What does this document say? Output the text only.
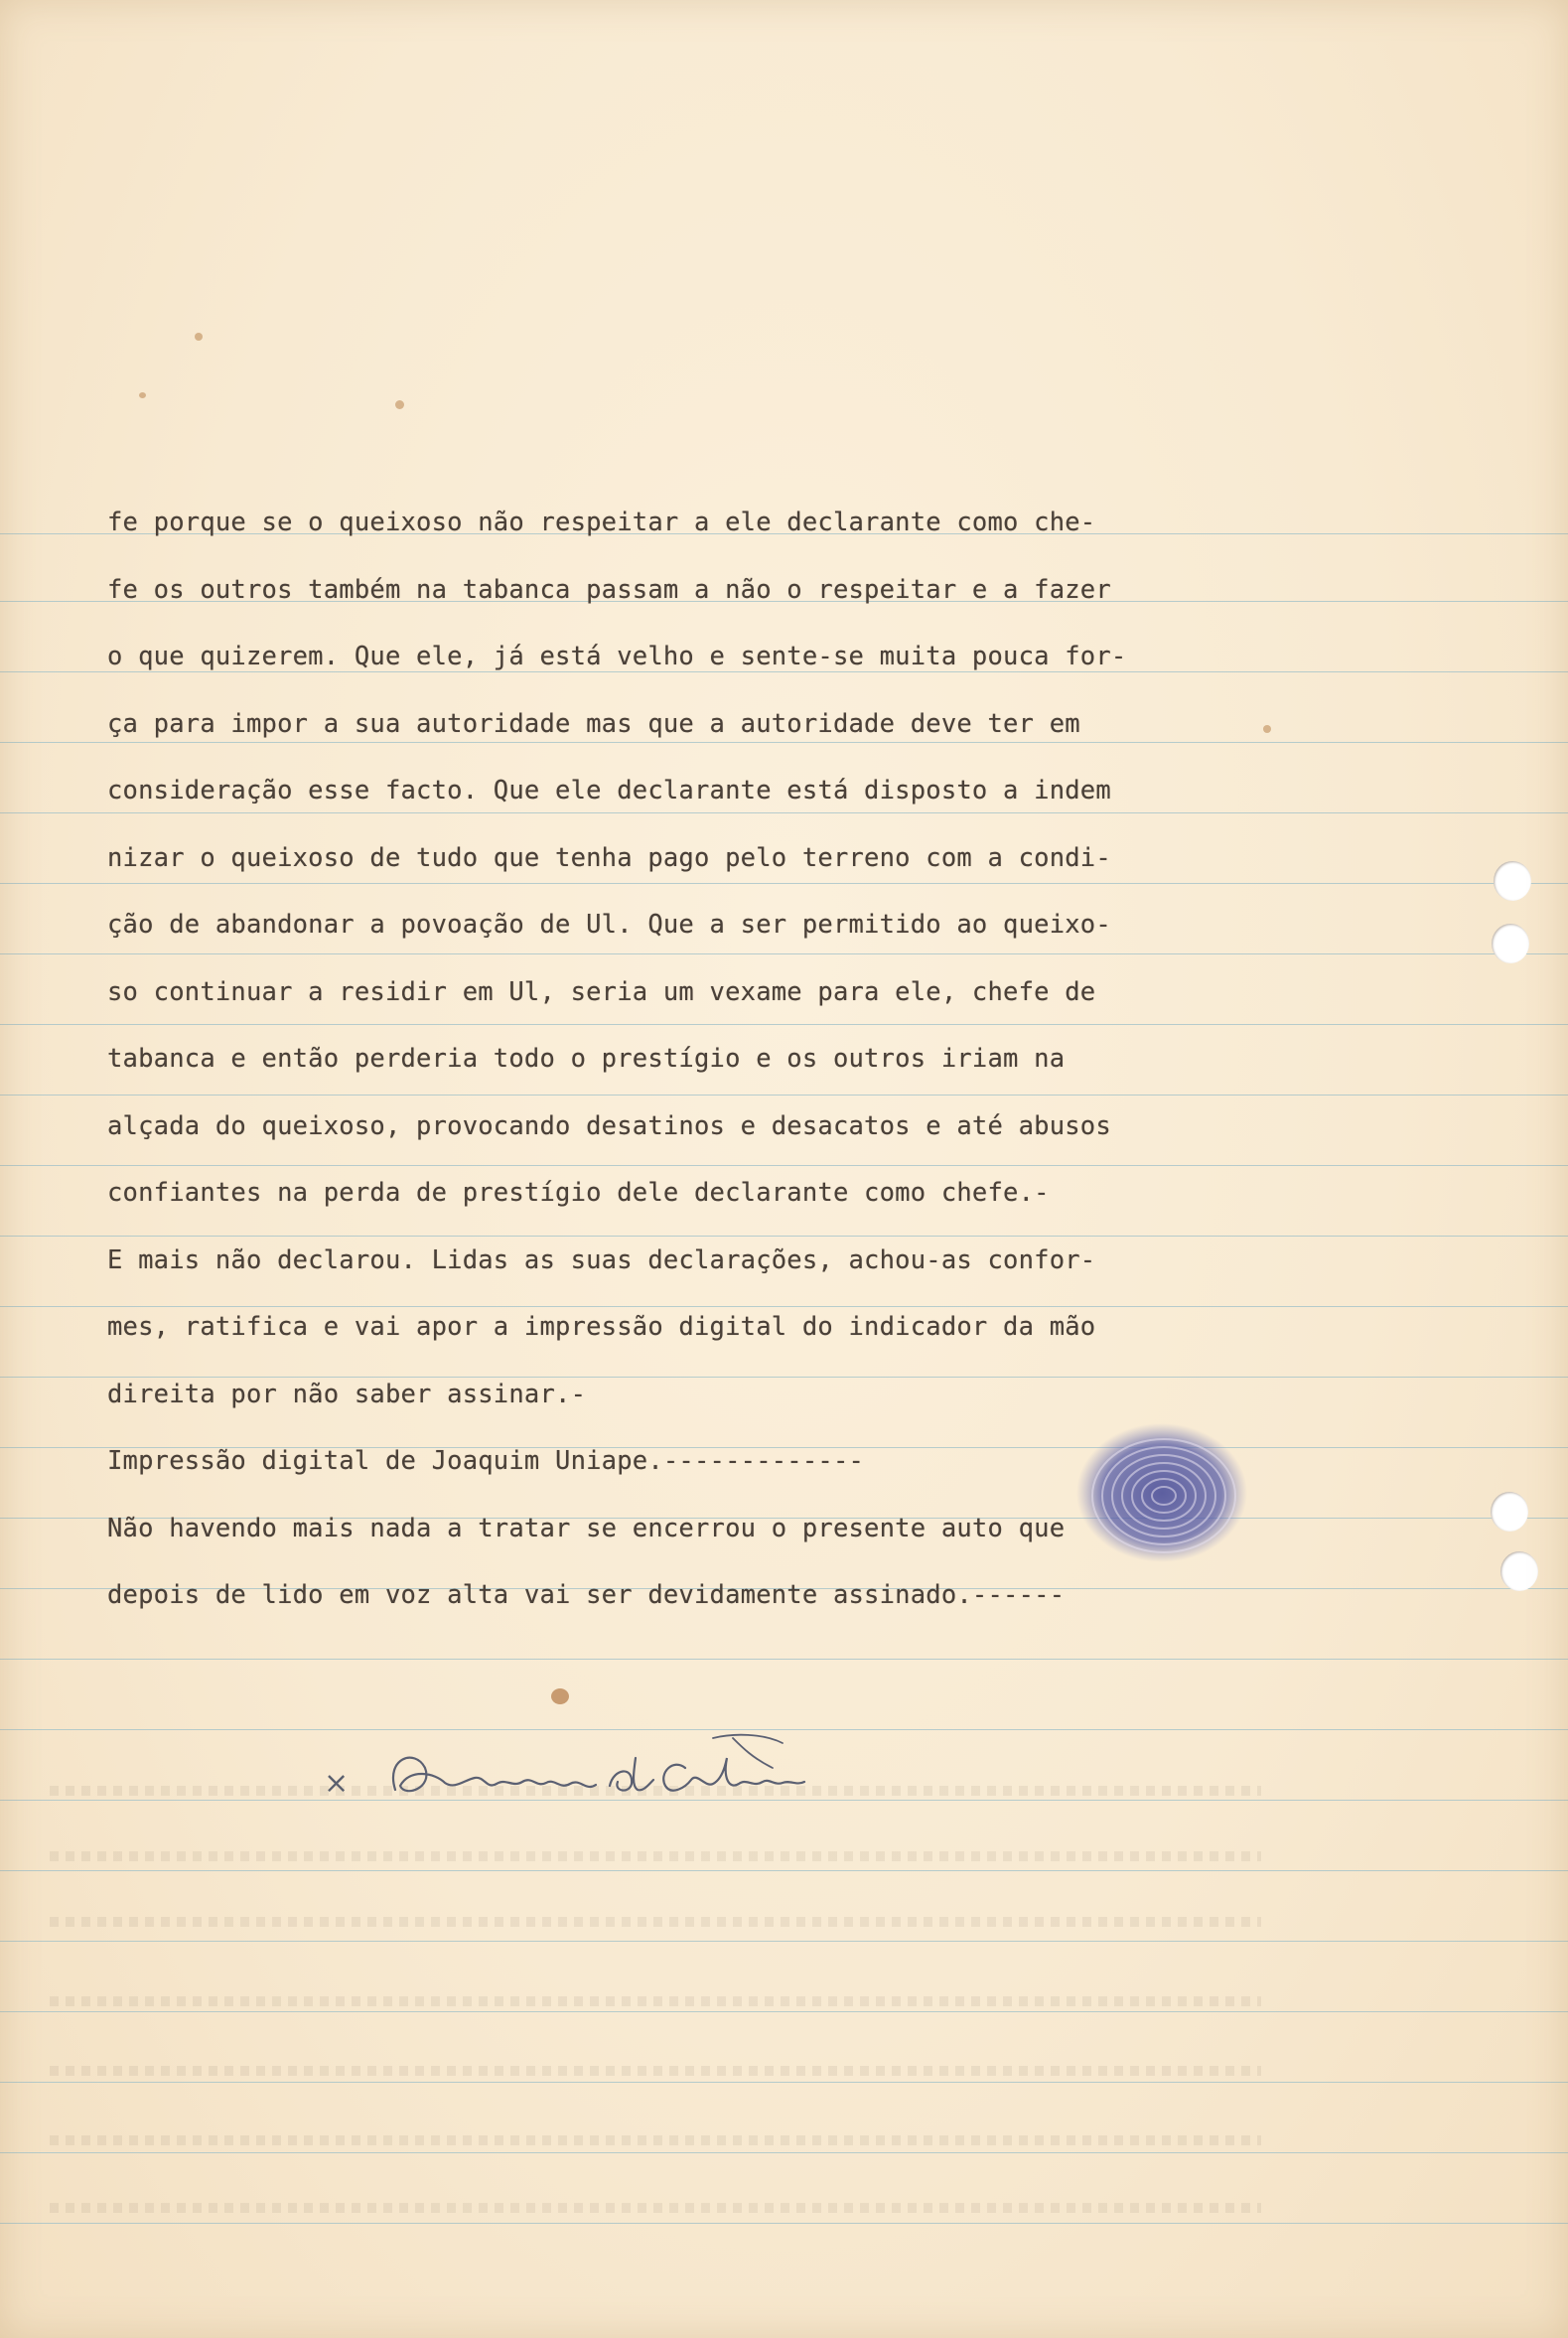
fe porque se o queixoso não respeitar a ele declarante como che-
fe os outros também na tabanca passam a não o respeitar e a fazer
o que quizerem. Que ele, já está velho e sente-se muita pouca for-
ça para impor a sua autoridade mas que a autoridade deve ter em
consideração esse facto. Que ele declarante está disposto a indem
nizar o queixoso de tudo que tenha pago pelo terreno com a condi-
ção de abandonar a povoação de Ul. Que a ser permitido ao queixo-
so continuar a residir em Ul, seria um vexame para ele, chefe de
tabanca e então perderia todo o prestígio e os outros iriam na
alçada do queixoso, provocando desatinos e desacatos e até abusos
confiantes na perda de prestígio dele declarante como chefe.-
E mais não declarou. Lidas as suas declarações, achou-as confor-
mes, ratifica e vai apor a impressão digital do indicador da mão
direita por não saber assinar.-
Impressão digital de Joaquim Uniape.-------------
Não havendo mais nada a tratar se encerrou o presente auto que
depois de lido em voz alta vai ser devidamente assinado.------
×
